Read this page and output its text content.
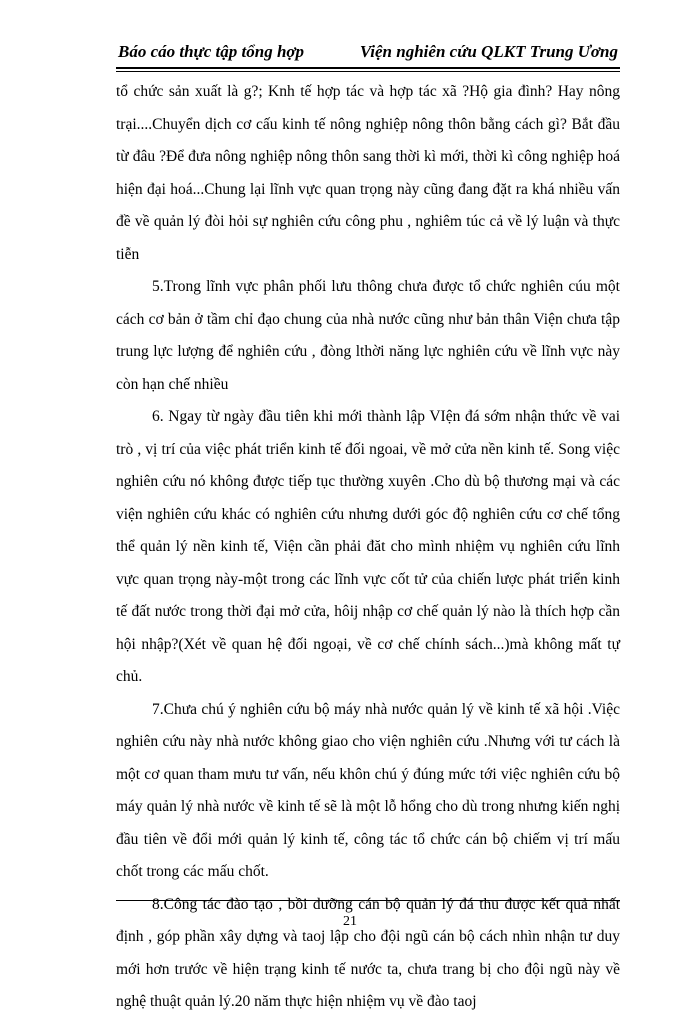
Báo cáo thực tập tổng hợp	Viện nghiên cứu QLKT Trung Ương

tổ chức sản xuất là g?; Knh tế hợp tác và hợp tác xã ?Hộ gia đình? Hay nông trại....Chuyển dịch cơ cấu kinh tế nông nghiệp nông thôn bằng cách gì? Bắt đầu từ đâu ?Để đưa nông nghiệp nông thôn sang thời kì mới, thời kì công nghiệp hoá hiện đại hoá...Chung lại lĩnh vực quan trọng này cũng đang đặt ra khá nhiều vấn đề về quản lý đòi hỏi sự nghiên cứu công phu , nghiêm túc cả về lý luận và thực tiễn

5.Trong lĩnh vực phân phối lưu thông chưa được tổ chức nghiên cúu một cách cơ bản ở tầm chỉ đạo chung của nhà nước cũng như bản thân Viện chưa tập trung lực lượng để nghiên cứu , đòng lthời năng lực nghiên cứu về lĩnh vực này còn hạn chế nhiều

6. Ngay từ ngày đầu tiên khi mới thành lập VIện đá sớm nhận thức về vai trò , vị trí của việc phát triển kinh tế đối ngoai, về mở cửa nền kinh tế. Song việc nghiên cứu nó không được tiếp tục thường xuyên .Cho dù bộ thương mại và các viện nghiên cứu khác có nghiên cứu nhưng dưới góc độ nghiên cứu cơ chế tổng thể quản lý nền kinh tế, Viện cần phải đăt cho mình nhiệm vụ nghiên cứu lĩnh vực quan trọng này-một trong các lĩnh vực cốt tử của chiến lược phát triển kinh tế đất nước trong thời đại mở cửa, hôij nhập cơ chế quản lý nào là thích hợp cần hội nhập?(Xét về quan hệ đối ngoại, về cơ chế chính sách...)mà không mất tự chủ.

7.Chưa chú ý nghiên cứu bộ máy nhà nước quản lý về kinh tế xã hội .Việc nghiên cứu này nhà nước không giao cho viện nghiên cứu .Nhưng với tư cách là một cơ quan tham mưu tư vấn, nếu khôn chú ý đúng mức tới việc nghiên cứu bộ máy quản lý nhà nước về kinh tế sẽ là một lỗ hổng cho dù trong nhưng kiến nghị đầu tiên về đổi mới quản lý kinh tế, công tác tổ chức cán bộ chiếm vị trí mấu chốt trong các mấu chốt.

8.Công tác đào tạo , bồi dưỡng cán bộ quản lý đá thu được kết quả nhất định , góp phần xây dựng và taoj lập cho đội ngũ cán bộ cách nhìn nhận tư duy mới hơn trước về hiện trạng kinh tế nước ta, chưa trang bị cho đội ngũ này về nghệ thuật quản lý.20 năm thực hiện nhiệm vụ về đào taoj

21
